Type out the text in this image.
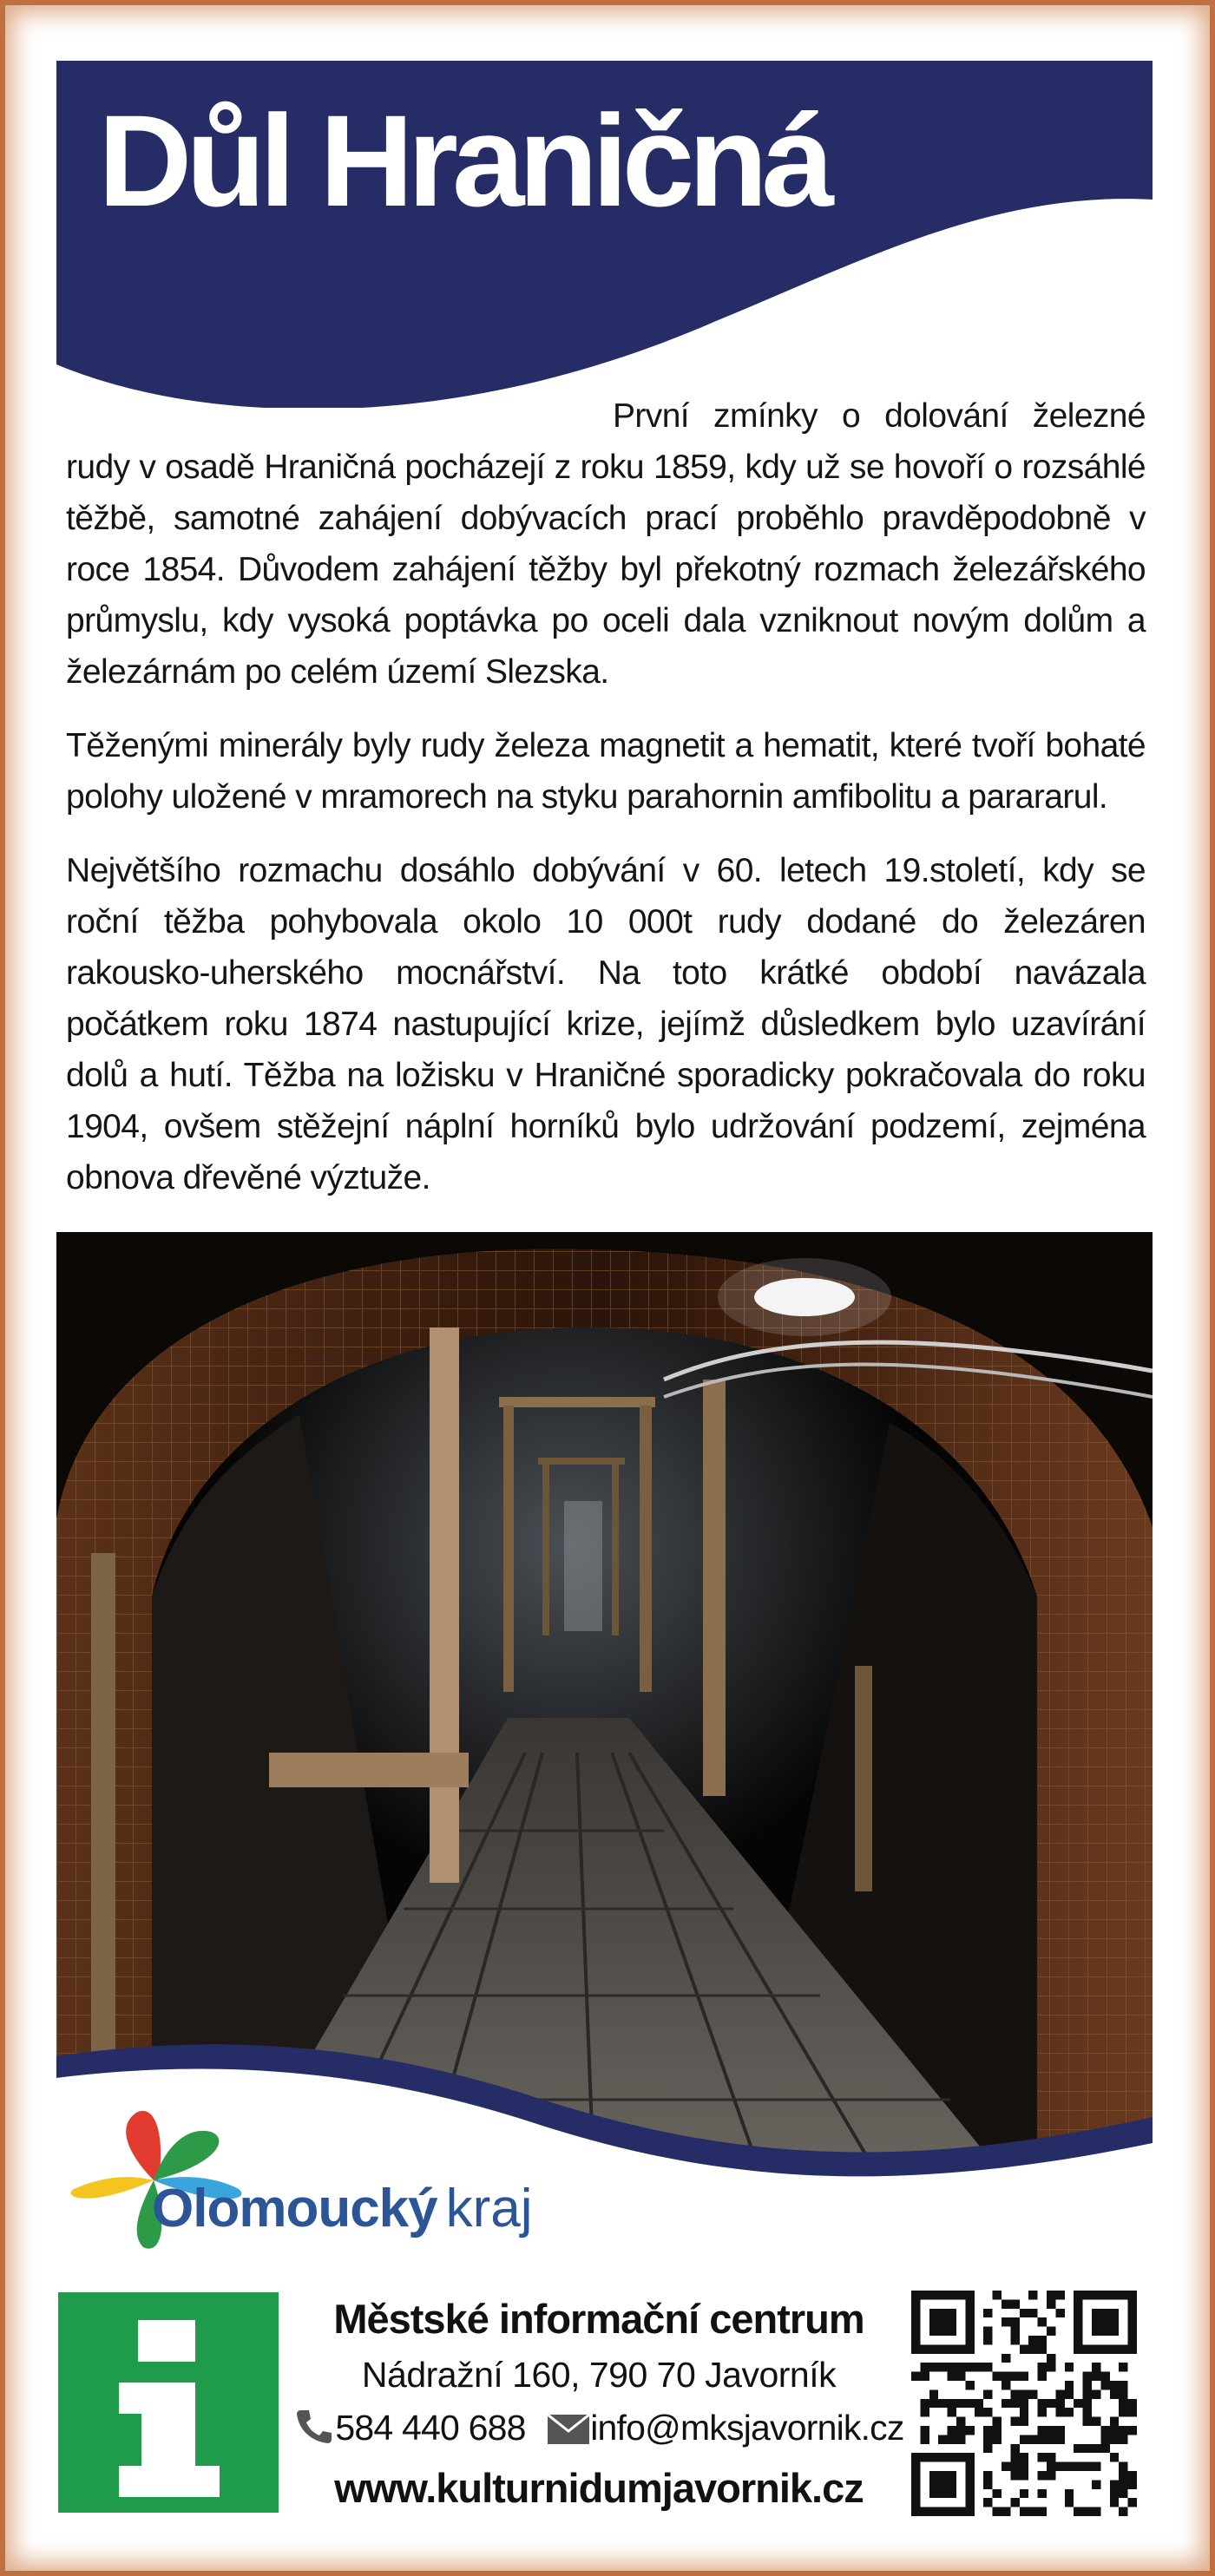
Důl Hraničná

První zmínky o dolování železné rudy v osadě Hraničná pocházejí z roku 1859, kdy už se hovoří o rozsáhlé těžbě, samotné zahájení dobývacích prací proběhlo pravděpodobně v roce 1854. Důvodem zahájení těžby byl překotný rozmach železářského průmyslu, kdy vysoká poptávka po oceli dala vzniknout novým dolům a železárnám po celém území Slezska.

Těženými minerály byly rudy železa magnetit a hematit, které tvoří bohaté polohy uložené v mramorech na styku parahornin amfibolitu a parararul.

Největšího rozmachu dosáhlo dobývání v 60. letech 19.století, kdy se roční těžba pohybovala okolo 10 000t rudy dodané do železáren rakousko-uherského mocnářství. Na toto krátké období navázala počátkem roku 1874 nastupující krize, jejímž důsledkem bylo uzavírání dolů a hutí. Těžba na ložisku v Hraničné sporadicky pokračovala do roku 1904, ovšem stěžejní náplní horníků bylo udržování podzemí, zejména obnova dřevěné výztuže.

Olomoucký kraj
Městské informační centrum
Nádražní 160, 790 70 Javorník
584 440 688 info@mksjavornik.cz
www.kulturnidumjavornik.cz
